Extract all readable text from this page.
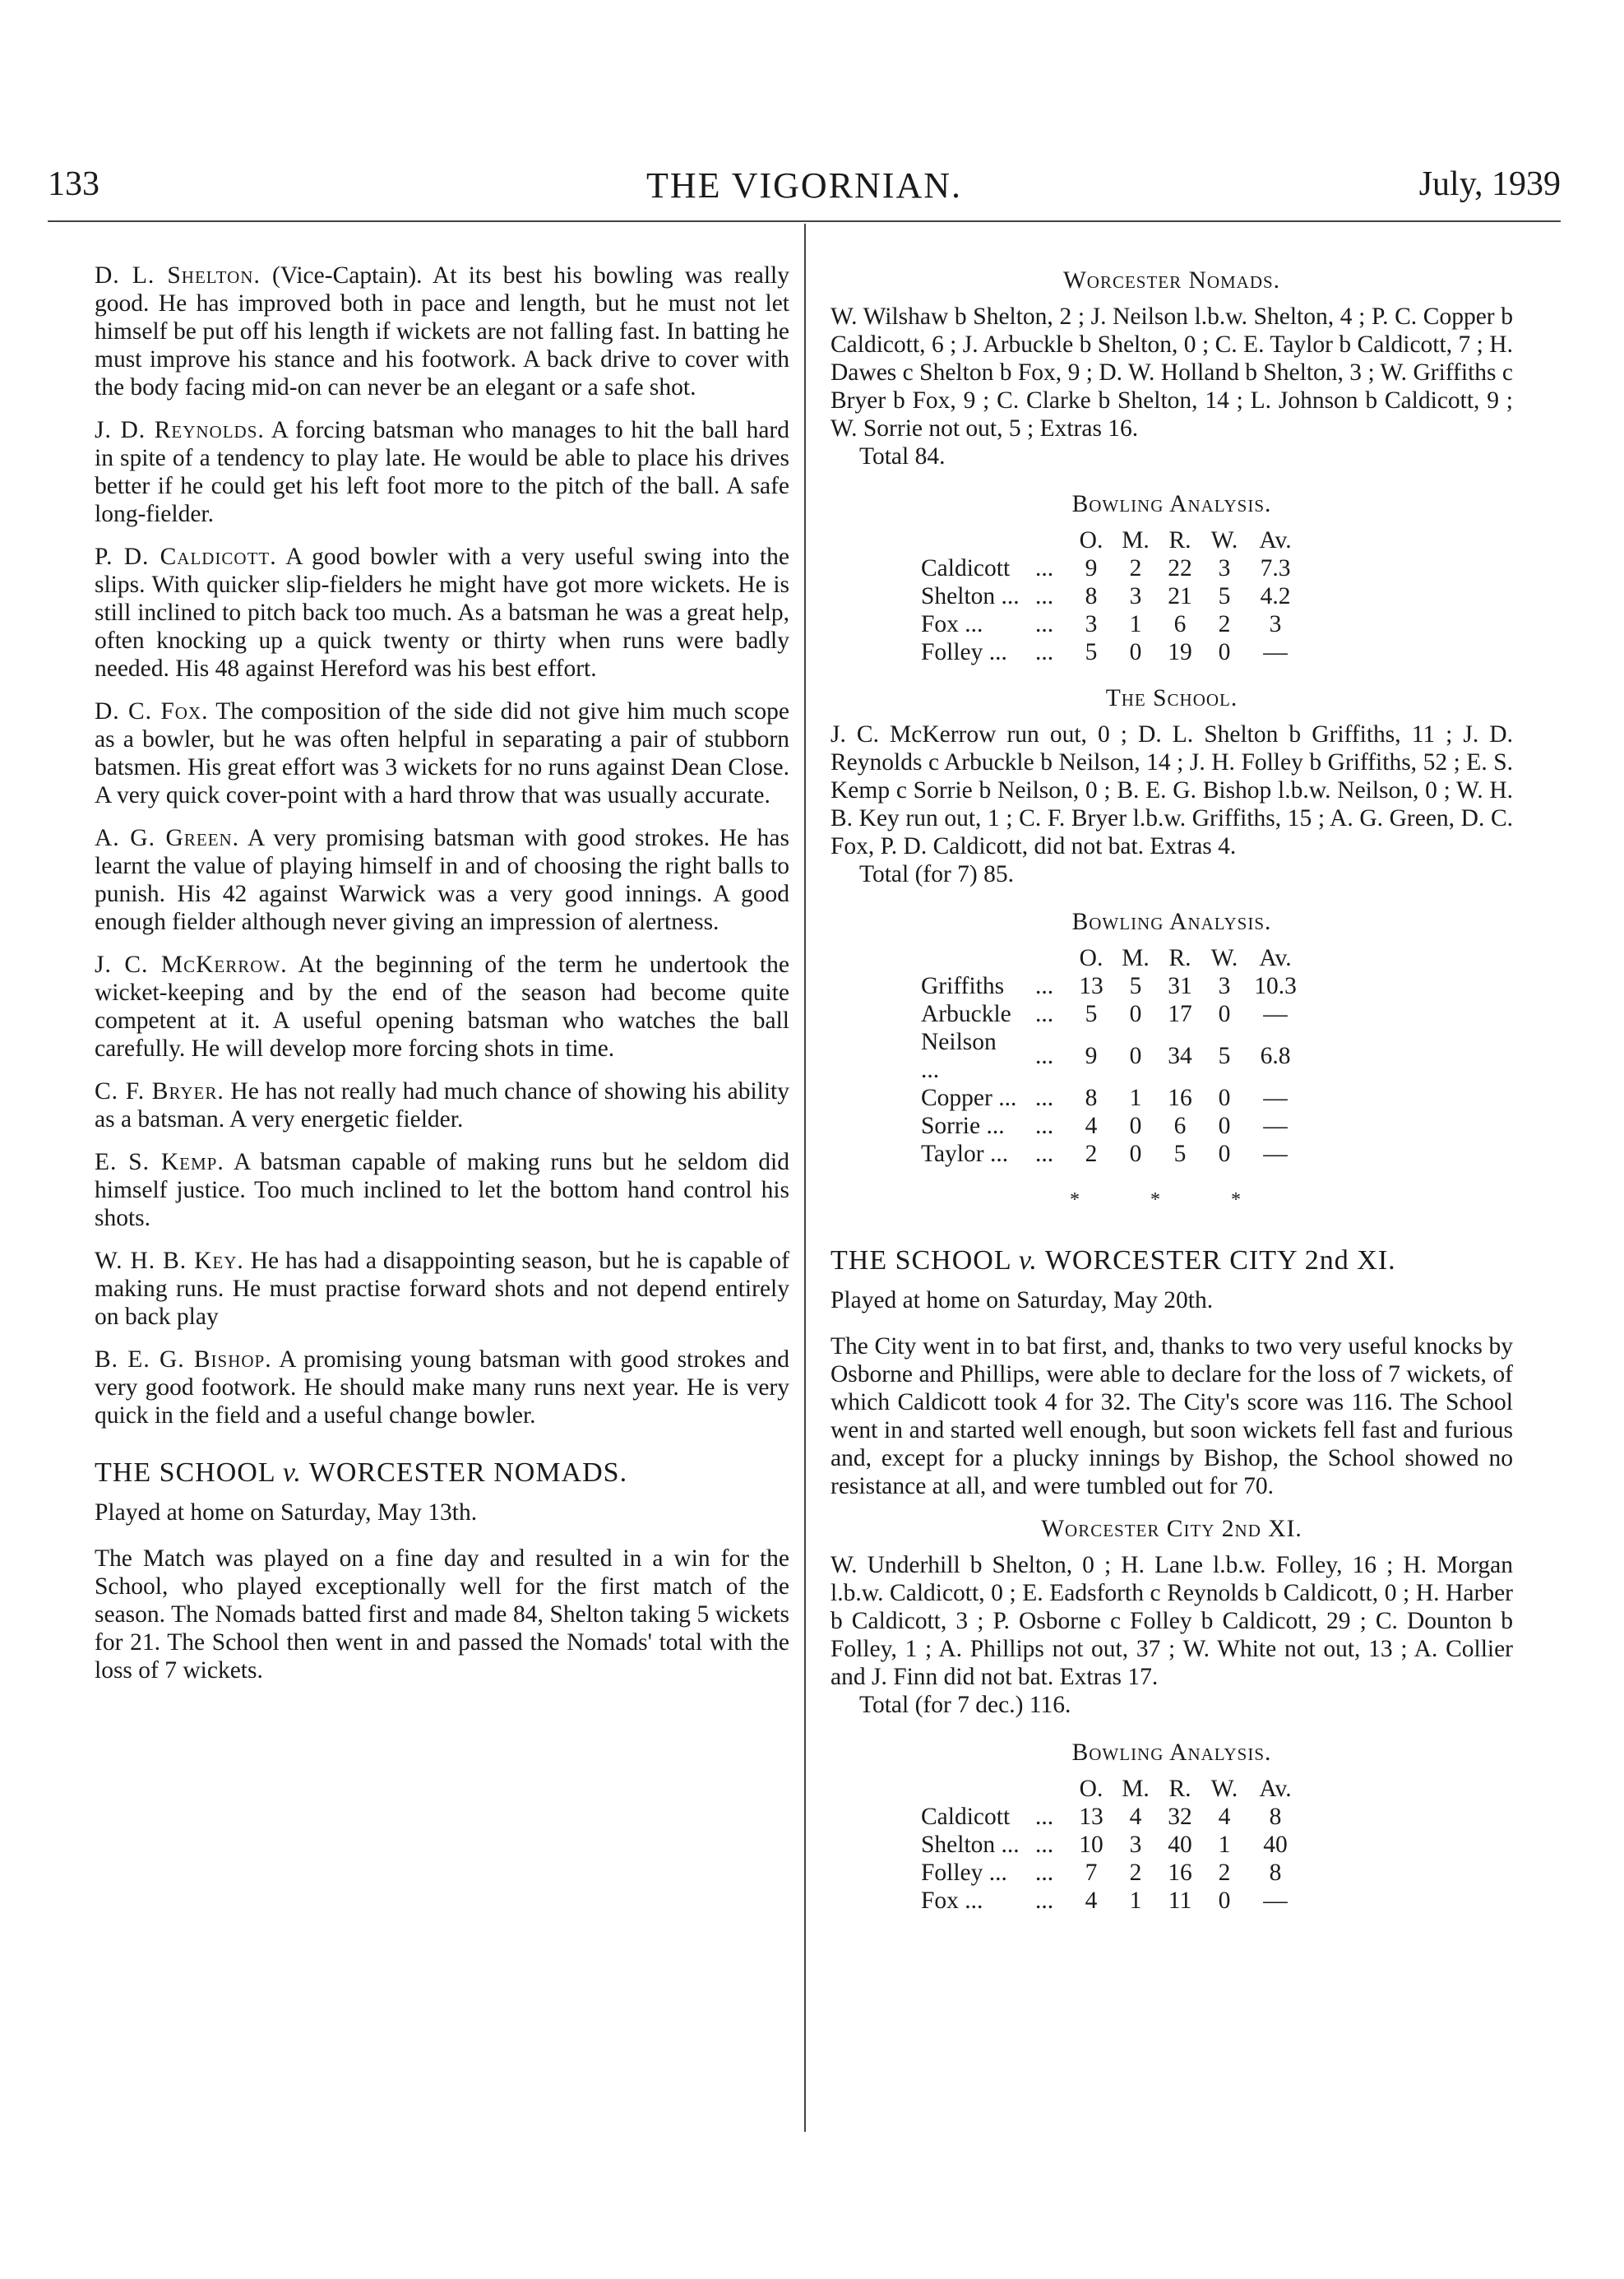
133	THE VIGORNIAN.	July, 1939

D. L. Shelton. (Vice-Captain). At its best his bowling was really good. He has improved both in pace and length, but he must not let himself be put off his length if wickets are not falling fast. In batting he must improve his stance and his footwork. A back drive to cover with the body facing mid-on can never be an elegant or a safe shot.

J. D. Reynolds. A forcing batsman who manages to hit the ball hard in spite of a tendency to play late. He would be able to place his drives better if he could get his left foot more to the pitch of the ball. A safe long-fielder.

P. D. Caldicott. A good bowler with a very useful swing into the slips. With quicker slip-fielders he might have got more wickets. He is still inclined to pitch back too much. As a batsman he was a great help, often knocking up a quick twenty or thirty when runs were badly needed. His 48 against Hereford was his best effort.

D. C. Fox. The composition of the side did not give him much scope as a bowler, but he was often helpful in separating a pair of stubborn batsmen. His great effort was 3 wickets for no runs against Dean Close. A very quick cover-point with a hard throw that was usually accurate.

A. G. Green. A very promising batsman with good strokes. He has learnt the value of playing himself in and of choosing the right balls to punish. His 42 against Warwick was a very good innings. A good enough fielder although never giving an impression of alertness.

J. C. McKerrow. At the beginning of the term he undertook the wicket-keeping and by the end of the season had become quite competent at it. A useful opening batsman who watches the ball carefully. He will develop more forcing shots in time.

C. F. Bryer. He has not really had much chance of showing his ability as a batsman. A very energetic fielder.

E. S. Kemp. A batsman capable of making runs but he seldom did himself justice. Too much inclined to let the bottom hand control his shots.

W. H. B. Key. He has had a disappointing season, but he is capable of making runs. He must practise forward shots and not depend entirely on back play

B. E. G. Bishop. A promising young batsman with good strokes and very good footwork. He should make many runs next year. He is very quick in the field and a useful change bowler.

THE SCHOOL v. WORCESTER NOMADS.

Played at home on Saturday, May 13th.

The Match was played on a fine day and resulted in a win for the School, who played exceptionally well for the first match of the season. The Nomads batted first and made 84, Shelton taking 5 wickets for 21. The School then went in and passed the Nomads' total with the loss of 7 wickets.

Worcester Nomads.

W. Wilshaw b Shelton, 2 ; J. Neilson l.b.w. Shelton, 4 ; P. C. Copper b Caldicott, 6 ; J. Arbuckle b Shelton, 0 ; C. E. Taylor b Caldicott, 7 ; H. Dawes c Shelton b Fox, 9 ; D. W. Holland b Shelton, 3 ; W. Griffiths c Bryer b Fox, 9 ; C. Clarke b Shelton, 14 ; L. Johnson b Caldicott, 9 ; W. Sorrie not out, 5 ; Extras 16.

Total 84.

Bowling Analysis.
		O.	M.	R.	W.	Av.
Caldicott	...	9	2	22	3	7.3
Shelton ...	...	8	3	21	5	4.2
Fox ...	...	3	1	6	2	3
Folley ...	...	5	0	19	0	—
The School.

J. C. McKerrow run out, 0 ; D. L. Shelton b Griffiths, 11 ; J. D. Reynolds c Arbuckle b Neilson, 14 ; J. H. Folley b Griffiths, 52 ; E. S. Kemp c Sorrie b Neilson, 0 ; B. E. G. Bishop l.b.w. Neilson, 0 ; W. H. B. Key run out, 1 ; C. F. Bryer l.b.w. Griffiths, 15 ; A. G. Green, D. C. Fox, P. D. Caldicott, did not bat. Extras 4.

Total (for 7) 85.

Bowling Analysis.
		O.	M.	R.	W.	Av.
Griffiths	...	13	5	31	3	10.3
Arbuckle	...	5	0	17	0	—
Neilson ...	...	9	0	34	5	6.8
Copper ...	...	8	1	16	0	—
Sorrie ...	...	4	0	6	0	—
Taylor ...	...	2	0	5	0	—
* * *
THE SCHOOL v. WORCESTER CITY 2nd XI.

Played at home on Saturday, May 20th.

The City went in to bat first, and, thanks to two very useful knocks by Osborne and Phillips, were able to declare for the loss of 7 wickets, of which Caldicott took 4 for 32. The City's score was 116. The School went in and started well enough, but soon wickets fell fast and furious and, except for a plucky innings by Bishop, the School showed no resistance at all, and were tumbled out for 70.

Worcester City 2nd XI.

W. Underhill b Shelton, 0 ; H. Lane l.b.w. Folley, 16 ; H. Morgan l.b.w. Caldicott, 0 ; E. Eadsforth c Reynolds b Caldicott, 0 ; H. Harber b Caldicott, 3 ; P. Osborne c Folley b Caldicott, 29 ; C. Dounton b Folley, 1 ; A. Phillips not out, 37 ; W. White not out, 13 ; A. Collier and J. Finn did not bat. Extras 17.

Total (for 7 dec.) 116.

Bowling Analysis.
		O.	M.	R.	W.	Av.
Caldicott	...	13	4	32	4	8
Shelton ...	...	10	3	40	1	40
Folley ...	...	7	2	16	2	8
Fox ...	...	4	1	11	0	—
